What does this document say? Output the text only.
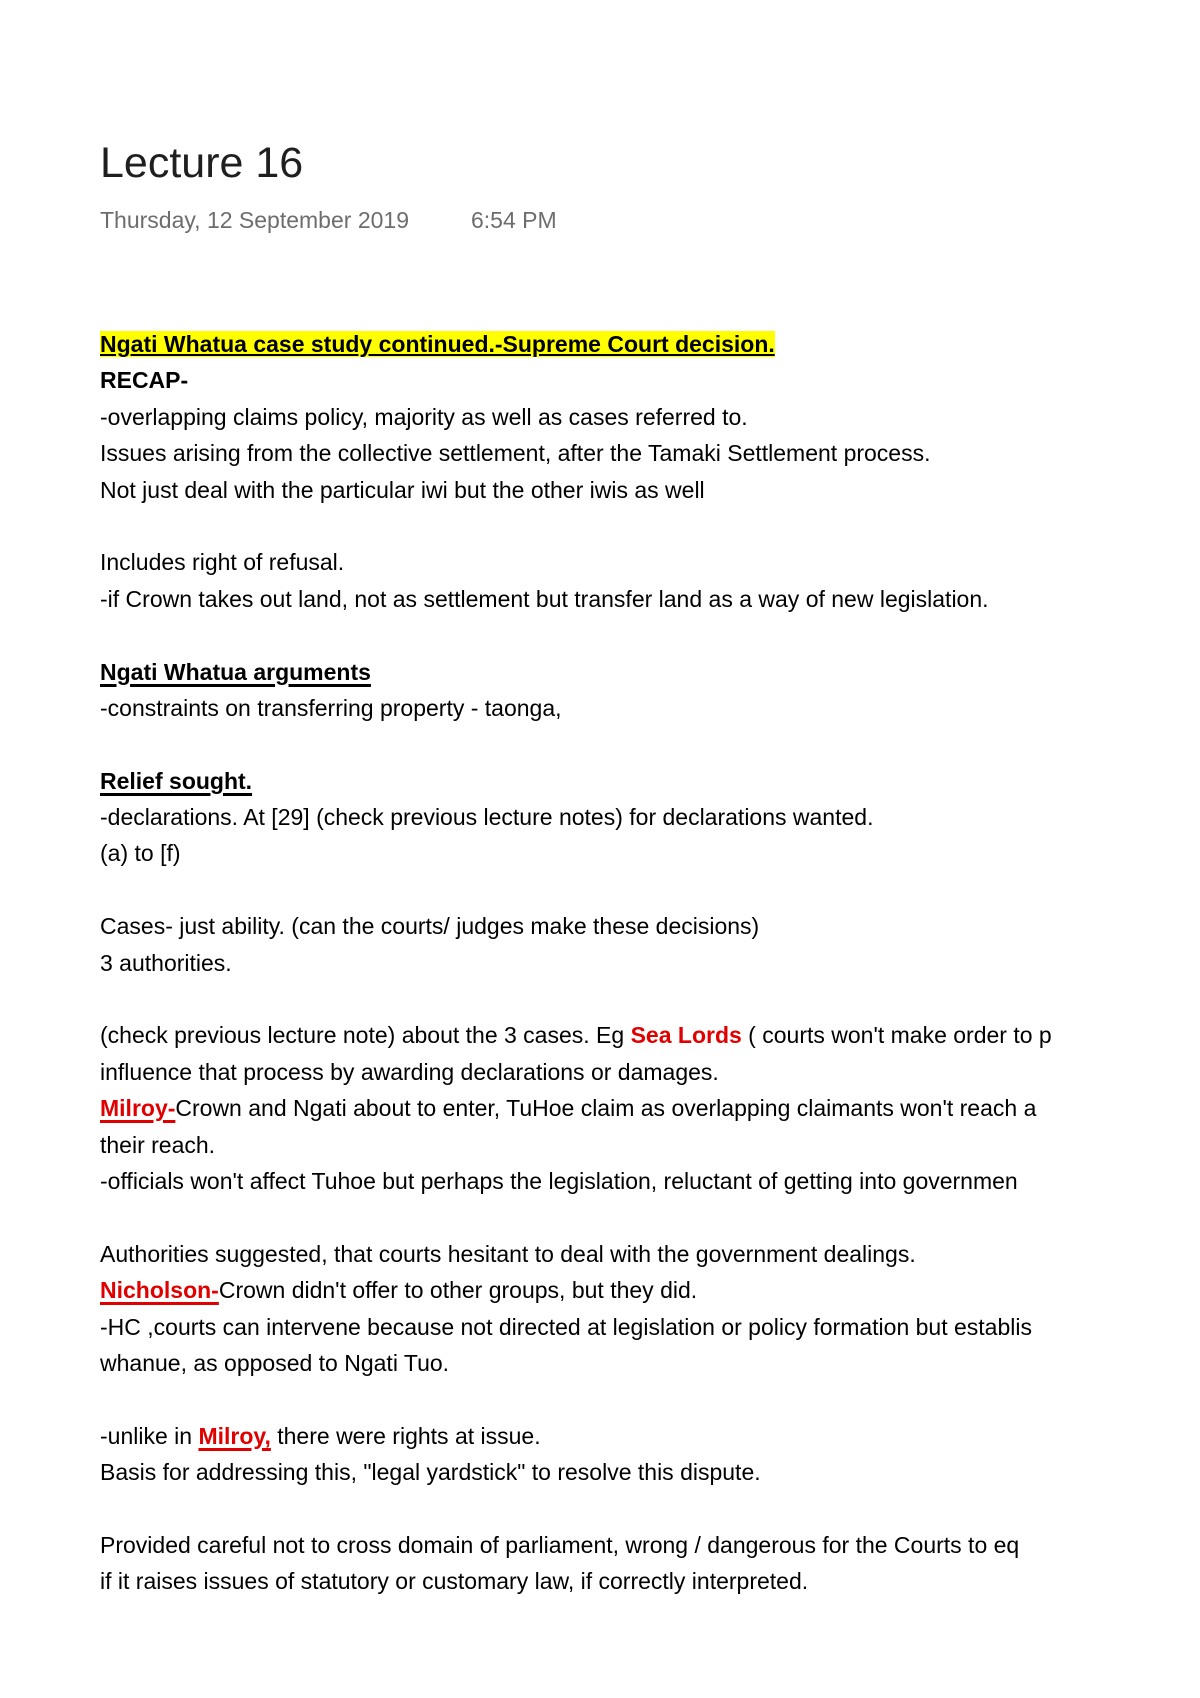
Lecture 16
Thursday, 12 September 2019	6:54 PM
Ngati Whatua case study continued.-Supreme Court decision.
RECAP-
-overlapping claims policy, majority as well as cases referred to.
Issues arising from the collective settlement, after the Tamaki Settlement process.
Not just deal with the particular iwi but the other iwis as well
Includes right of refusal.
-if Crown takes out land, not as settlement but transfer land as a way of new legislation.
Ngati Whatua arguments
-constraints on transferring property - taonga,
Relief sought.
-declarations. At [29] (check previous lecture notes) for declarations wanted.
(a) to [f)
Cases- just ability. (can the courts/ judges make these decisions)
3 authorities.
(check previous lecture note) about the 3 cases. Eg Sea Lords ( courts won't make order to p
influence that process by awarding declarations or damages.
Milroy-Crown and Ngati about to enter, TuHoe claim as overlapping claimants won't reach a
their reach.
-officials won't affect Tuhoe but perhaps the legislation, reluctant of getting into governmen
Authorities suggested, that courts hesitant to deal with the government dealings.
Nicholson-Crown didn't offer to other groups, but they did.
-HC ,courts can intervene because not directed at legislation or policy formation but establis
whanue, as opposed to Ngati Tuo.
-unlike in Milroy, there were rights at issue.
Basis for addressing this, "legal yardstick" to resolve this dispute.
Provided careful not to cross domain of parliament, wrong / dangerous for the Courts to eq
if it raises issues of statutory or customary law, if correctly interpreted.
